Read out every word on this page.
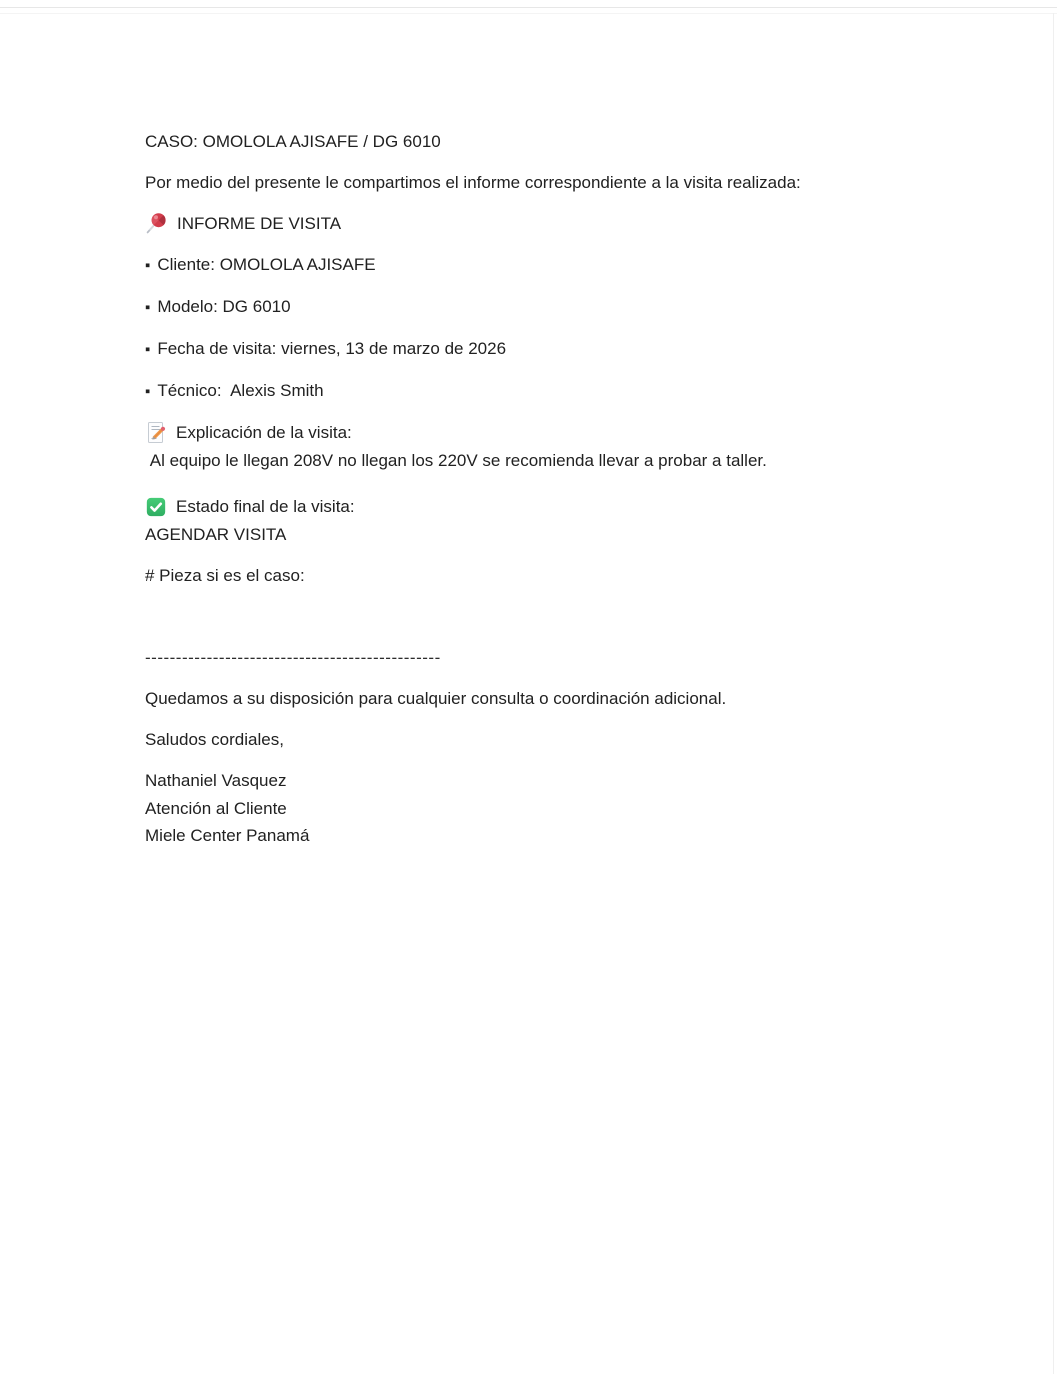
CASO: OMOLOLA AJISAFE / DG 6010

Por medio del presente le compartimos el informe correspondiente a la visita realizada:

INFORME DE VISITA

▪ Cliente: OMOLOLA AJISAFE

▪ Modelo: DG 6010

▪ Fecha de visita: viernes, 13 de marzo de 2026

▪ Técnico:  Alexis Smith

Explicación de la visita:
Al equipo le llegan 208V no llegan los 220V se recomienda llevar a probar a taller.
Estado final de la visita:
AGENDAR VISITA

# Pieza si es el caso:

------------------------------------------------

Quedamos a su disposición para cualquier consulta o coordinación adicional.

Saludos cordiales,

Nathaniel Vasquez
Atención al Cliente
Miele Center Panamá
